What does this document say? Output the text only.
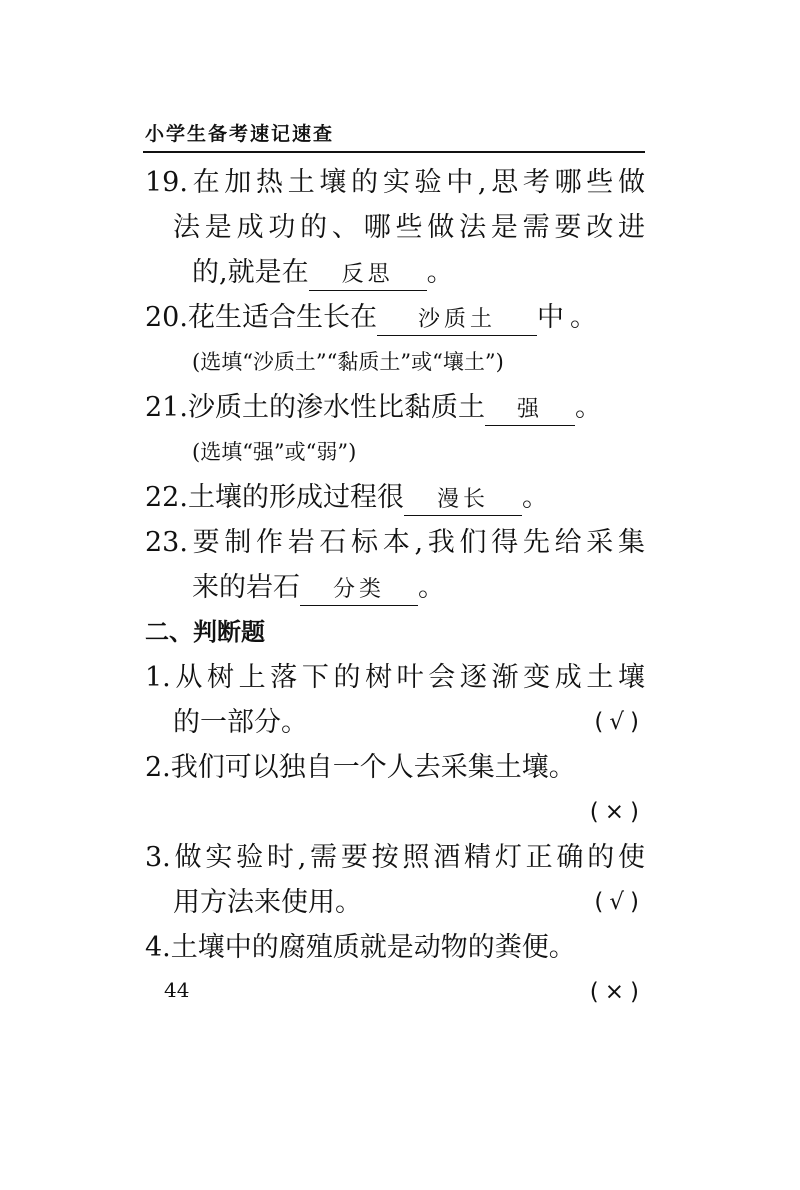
小学生备考速记速查
19.在加热土壤的实验中,思考哪些做
法是成功的、哪些做法是需要改进
的,就是在 反思 。
20.花生适合生长在 沙质土 中。
(选填“沙质土”“黏质土”或“壤土”)
21.沙质土的渗水性比黏质土 强 。
(选填“强”或“弱”)
22.土壤的形成过程很 漫长 。
23.要制作岩石标本,我们得先给采集
来的岩石 分类 。
二、判断题
1.从树上落下的树叶会逐渐变成土壤
的一部分。	(√)
2.我们可以独自一个人去采集土壤。
(×)
3.做实验时,需要按照酒精灯正确的使
用方法来使用。	(√)
4.土壤中的腐殖质就是动物的粪便。
(×)
44
